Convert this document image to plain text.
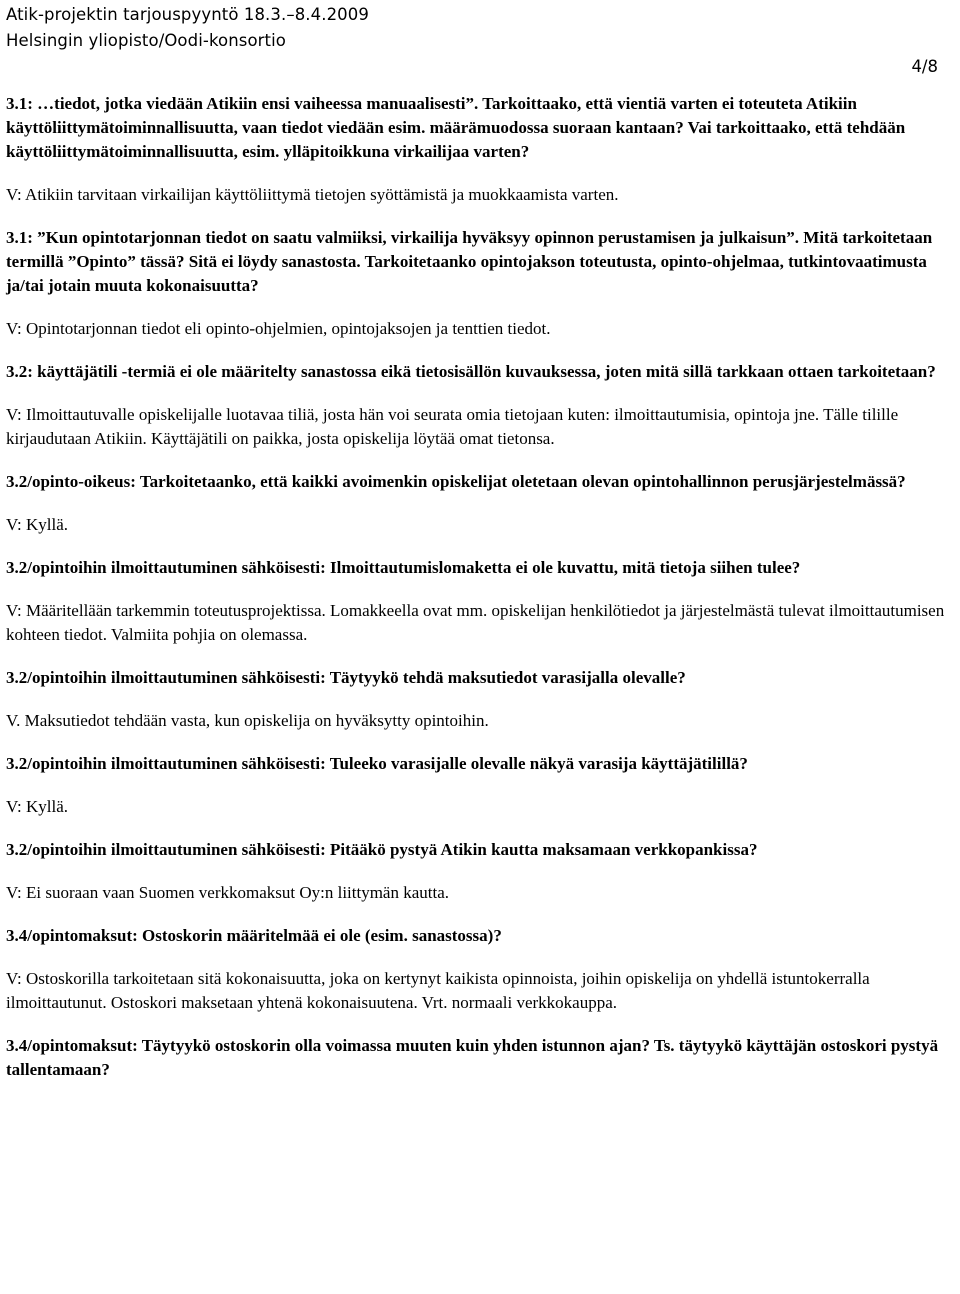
Atik-projektin tarjouspyyntö 18.3.–8.4.2009
Helsingin yliopisto/Oodi-konsortio
4/8

3.1: …tiedot, jotka viedään Atikiin ensi vaiheessa manuaalisesti”. Tarkoittaako, että vientiä varten ei toteuteta Atikiin käyttöliittymätoiminnallisuutta, vaan tiedot viedään esim. määrämuodossa suoraan kantaan? Vai tarkoittaako, että tehdään käyttöliittymätoiminnallisuutta, esim. ylläpitoikkuna virkailijaa varten?

V: Atikiin tarvitaan virkailijan käyttöliittymä tietojen syöttämistä ja muokkaamista varten.

3.1: ”Kun opintotarjonnan tiedot on saatu valmiiksi, virkailija hyväksyy opinnon perustamisen ja julkaisun”. Mitä tarkoitetaan termillä ”Opinto” tässä? Sitä ei löydy sanastosta. Tarkoitetaanko opintojakson toteutusta, opinto-ohjelmaa, tutkintovaatimusta ja/tai jotain muuta kokonaisuutta?

V: Opintotarjonnan tiedot eli opinto-ohjelmien, opintojaksojen ja tenttien tiedot.

3.2: käyttäjätili -termiä ei ole määritelty sanastossa eikä tietosisällön kuvauksessa, joten mitä sillä tarkkaan ottaen tarkoitetaan?

V: Ilmoittautuvalle opiskelijalle luotavaa tiliä, josta hän voi seurata omia tietojaan kuten: ilmoittautumisia, opintoja jne. Tälle tilille kirjaudutaan Atikiin. Käyttäjätili on paikka, josta opiskelija löytää omat tietonsa.

3.2/opinto-oikeus: Tarkoitetaanko, että kaikki avoimenkin opiskelijat oletetaan olevan opintohallinnon perusjärjestelmässä?

V: Kyllä.

3.2/opintoihin ilmoittautuminen sähköisesti: Ilmoittautumislomaketta ei ole kuvattu, mitä tietoja siihen tulee?

V: Määritellään tarkemmin toteutusprojektissa. Lomakkeella ovat mm. opiskelijan henkilötiedot ja järjestelmästä tulevat ilmoittautumisen kohteen tiedot. Valmiita pohjia on olemassa.

3.2/opintoihin ilmoittautuminen sähköisesti: Täytyykö tehdä maksutiedot varasijalla olevalle?

V. Maksutiedot tehdään vasta, kun opiskelija on hyväksytty opintoihin.

3.2/opintoihin ilmoittautuminen sähköisesti: Tuleeko varasijalle olevalle näkyä varasija käyttäjätilillä?

V: Kyllä.

3.2/opintoihin ilmoittautuminen sähköisesti: Pitääkö pystyä Atikin kautta maksamaan verkkopankissa?

V: Ei suoraan vaan Suomen verkkomaksut Oy:n liittymän kautta.

3.4/opintomaksut: Ostoskorin määritelmää ei ole (esim. sanastossa)?

V: Ostoskorilla tarkoitetaan sitä kokonaisuutta, joka on kertynyt kaikista opinnoista, joihin opiskelija on yhdellä istuntokerralla ilmoittautunut. Ostoskori maksetaan yhtenä kokonaisuutena. Vrt. normaali verkkokauppa.

3.4/opintomaksut: Täytyykö ostoskorin olla voimassa muuten kuin yhden istunnon ajan? Ts. täytyykö käyttäjän ostoskori pystyä tallentamaan?
